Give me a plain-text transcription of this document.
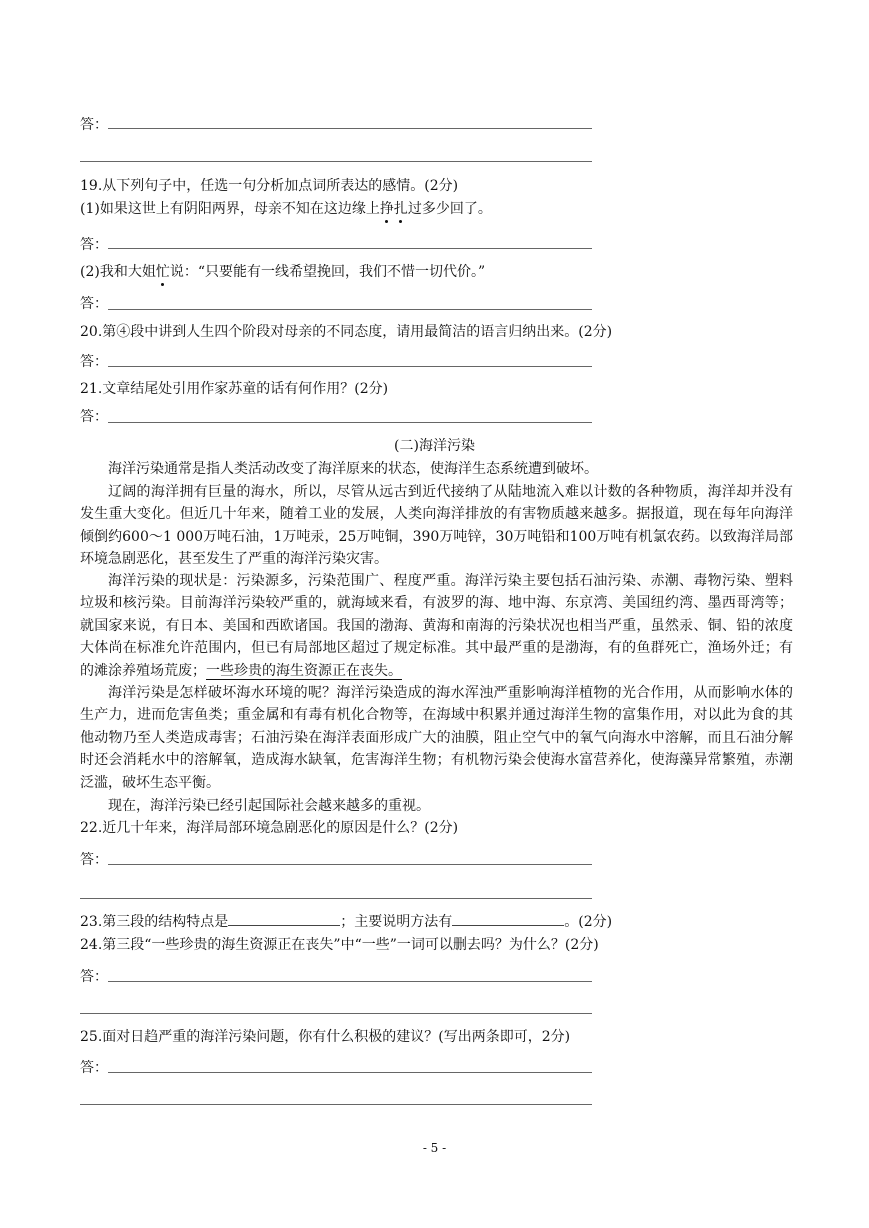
答：
19.从下列句子中，任选一句分析加点词所表达的感情。(2分)
(1)如果这世上有阴阳两界，母亲不知在这边缘上挣扎过多少回了。
答：
(2)我和大姐忙说：“只要能有一线希望挽回，我们不惜一切代价。”
答：
20.第④段中讲到人生四个阶段对母亲的不同态度，请用最简洁的语言归纳出来。(2分)
答：
21.文章结尾处引用作家苏童的话有何作用？(2分)
答：
(二)海洋污染
海洋污染通常是指人类活动改变了海洋原来的状态，使海洋生态系统遭到破坏。
辽阔的海洋拥有巨量的海水，所以，尽管从远古到近代接纳了从陆地流入难以计数的各种物质，海洋却并没有发生重大变化。但近几十年来，随着工业的发展，人类向海洋排放的有害物质越来越多。据报道，现在每年向海洋倾倒约600～1 000万吨石油，1万吨汞，25万吨铜，390万吨锌，30万吨铅和100万吨有机氯农药。以致海洋局部环境急剧恶化，甚至发生了严重的海洋污染灾害。
海洋污染的现状是：污染源多，污染范围广、程度严重。海洋污染主要包括石油污染、赤潮、毒物污染、塑料垃圾和核污染。目前海洋污染较严重的，就海域来看，有波罗的海、地中海、东京湾、美国纽约湾、墨西哥湾等；就国家来说，有日本、美国和西欧诸国。我国的渤海、黄海和南海的污染状况也相当严重，虽然汞、铜、铅的浓度大体尚在标准允许范围内，但已有局部地区超过了规定标准。其中最严重的是渤海，有的鱼群死亡，渔场外迁；有的滩涂养殖场荒废；一些珍贵的海生资源正在丧失。
海洋污染是怎样破坏海水环境的呢？海洋污染造成的海水浑浊严重影响海洋植物的光合作用，从而影响水体的生产力，进而危害鱼类；重金属和有毒有机化合物等，在海域中积累并通过海洋生物的富集作用，对以此为食的其他动物乃至人类造成毒害；石油污染在海洋表面形成广大的油膜，阻止空气中的氧气向海水中溶解，而且石油分解时还会消耗水中的溶解氧，造成海水缺氧，危害海洋生物；有机物污染会使海水富营养化，使海藻异常繁殖，赤潮泛滥，破坏生态平衡。
现在，海洋污染已经引起国际社会越来越多的重视。
22.近几十年来，海洋局部环境急剧恶化的原因是什么？(2分)
答：
23.第三段的结构特点是	；主要说明方法有	。(2分)
24.第三段“一些珍贵的海生资源正在丧失”中“一些”一词可以删去吗？为什么？(2分)
答：
25.面对日趋严重的海洋污染问题，你有什么积极的建议？(写出两条即可，2分)
答：
- 5 -
